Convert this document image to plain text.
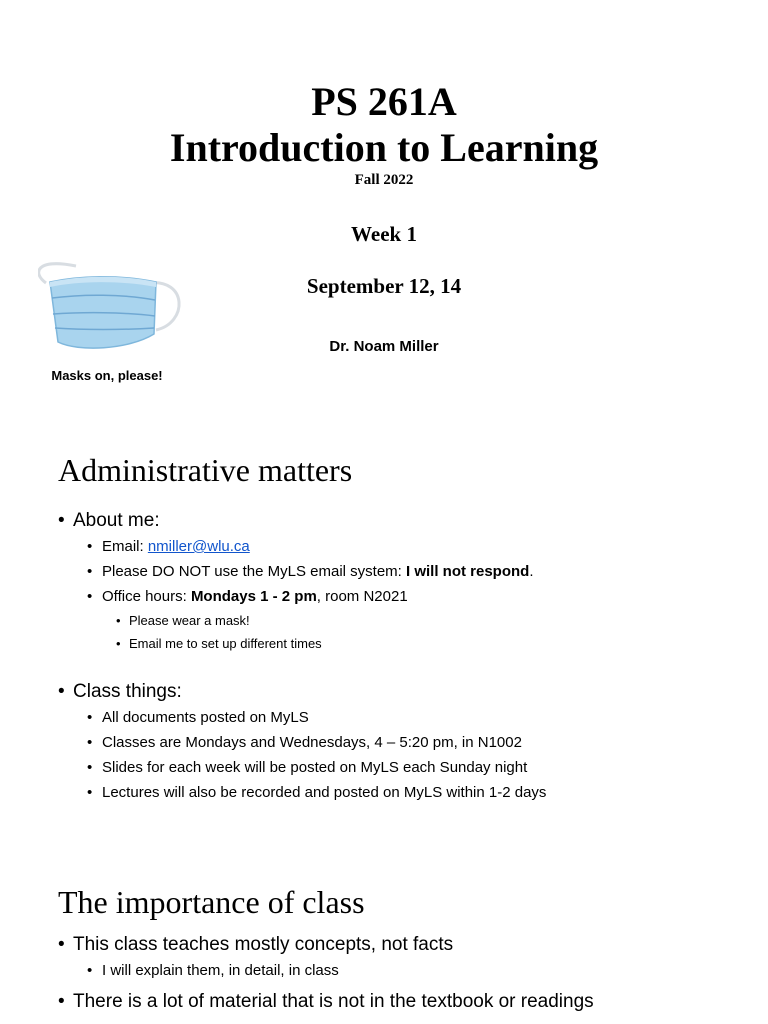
PS 261A
Introduction to Learning
Fall 2022
Week 1
September 12, 14
Dr. Noam Miller
Masks on, please!
Administrative matters
• About me:
• Email: nmiller@wlu.ca
• Please DO NOT use the MyLS email system: I will not respond.
• Office hours: Mondays 1 - 2 pm, room N2021
• Please wear a mask!
• Email me to set up different times
• Class things:
• All documents posted on MyLS
• Classes are Mondays and Wednesdays, 4 – 5:20 pm, in N1002
• Slides for each week will be posted on MyLS each Sunday night
• Lectures will also be recorded and posted on MyLS within 1-2 days
The importance of class
• This class teaches mostly concepts, not facts
• I will explain them, in detail, in class
• There is a lot of material that is not in the textbook or readings
